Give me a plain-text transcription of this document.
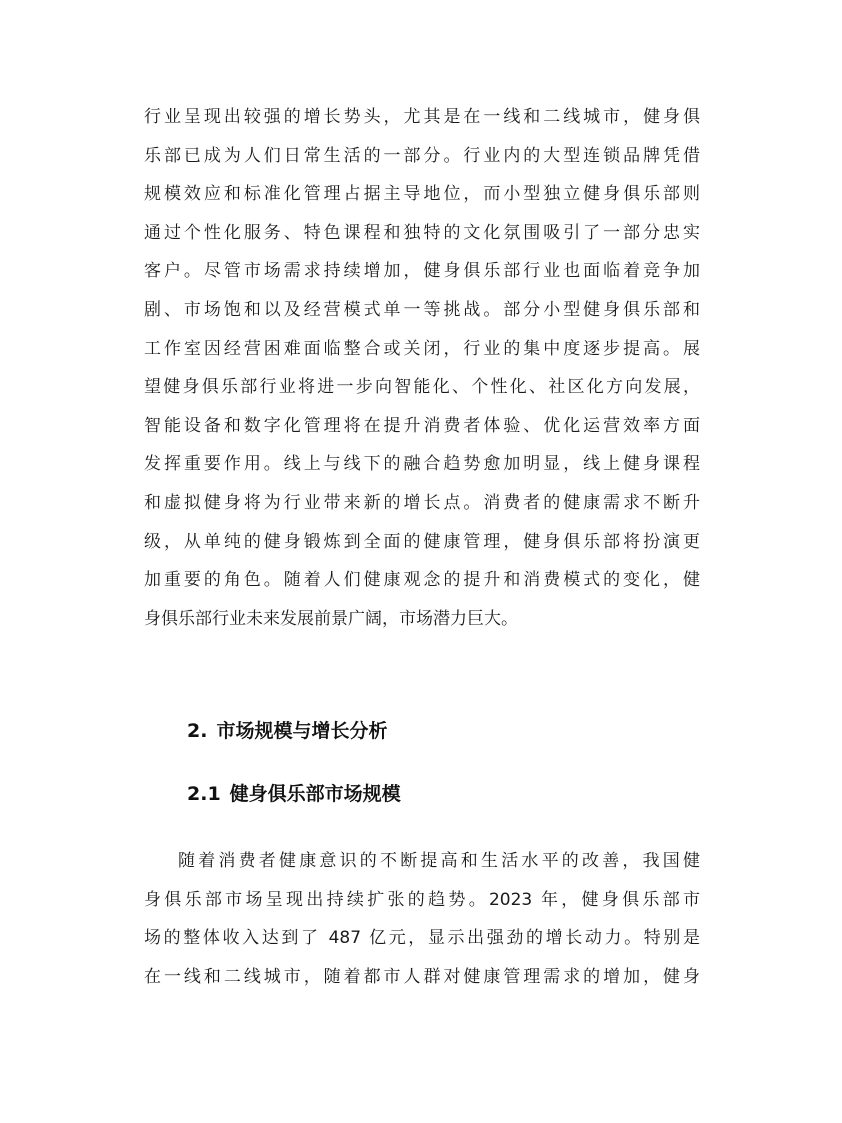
行业呈现出较强的增长势头，尤其是在一线和二线城市，健身俱
乐部已成为人们日常生活的一部分。行业内的大型连锁品牌凭借
规模效应和标准化管理占据主导地位，而小型独立健身俱乐部则
通过个性化服务、特色课程和独特的文化氛围吸引了一部分忠实
客户。尽管市场需求持续增加，健身俱乐部行业也面临着竞争加
剧、市场饱和以及经营模式单一等挑战。部分小型健身俱乐部和
工作室因经营困难面临整合或关闭，行业的集中度逐步提高。展
望健身俱乐部行业将进一步向智能化、个性化、社区化方向发展，
智能设备和数字化管理将在提升消费者体验、优化运营效率方面
发挥重要作用。线上与线下的融合趋势愈加明显，线上健身课程
和虚拟健身将为行业带来新的增长点。消费者的健康需求不断升
级，从单纯的健身锻炼到全面的健康管理，健身俱乐部将扮演更
加重要的角色。随着人们健康观念的提升和消费模式的变化，健
身俱乐部行业未来发展前景广阔，市场潜力巨大。
2. 市场规模与增长分析
2.1 健身俱乐部市场规模
随着消费者健康意识的不断提高和生活水平的改善，我国健
身俱乐部市场呈现出持续扩张的趋势。2023 年，健身俱乐部市
场的整体收入达到了 487 亿元，显示出强劲的增长动力。特别是
在一线和二线城市，随着都市人群对健康管理需求的增加，健身
